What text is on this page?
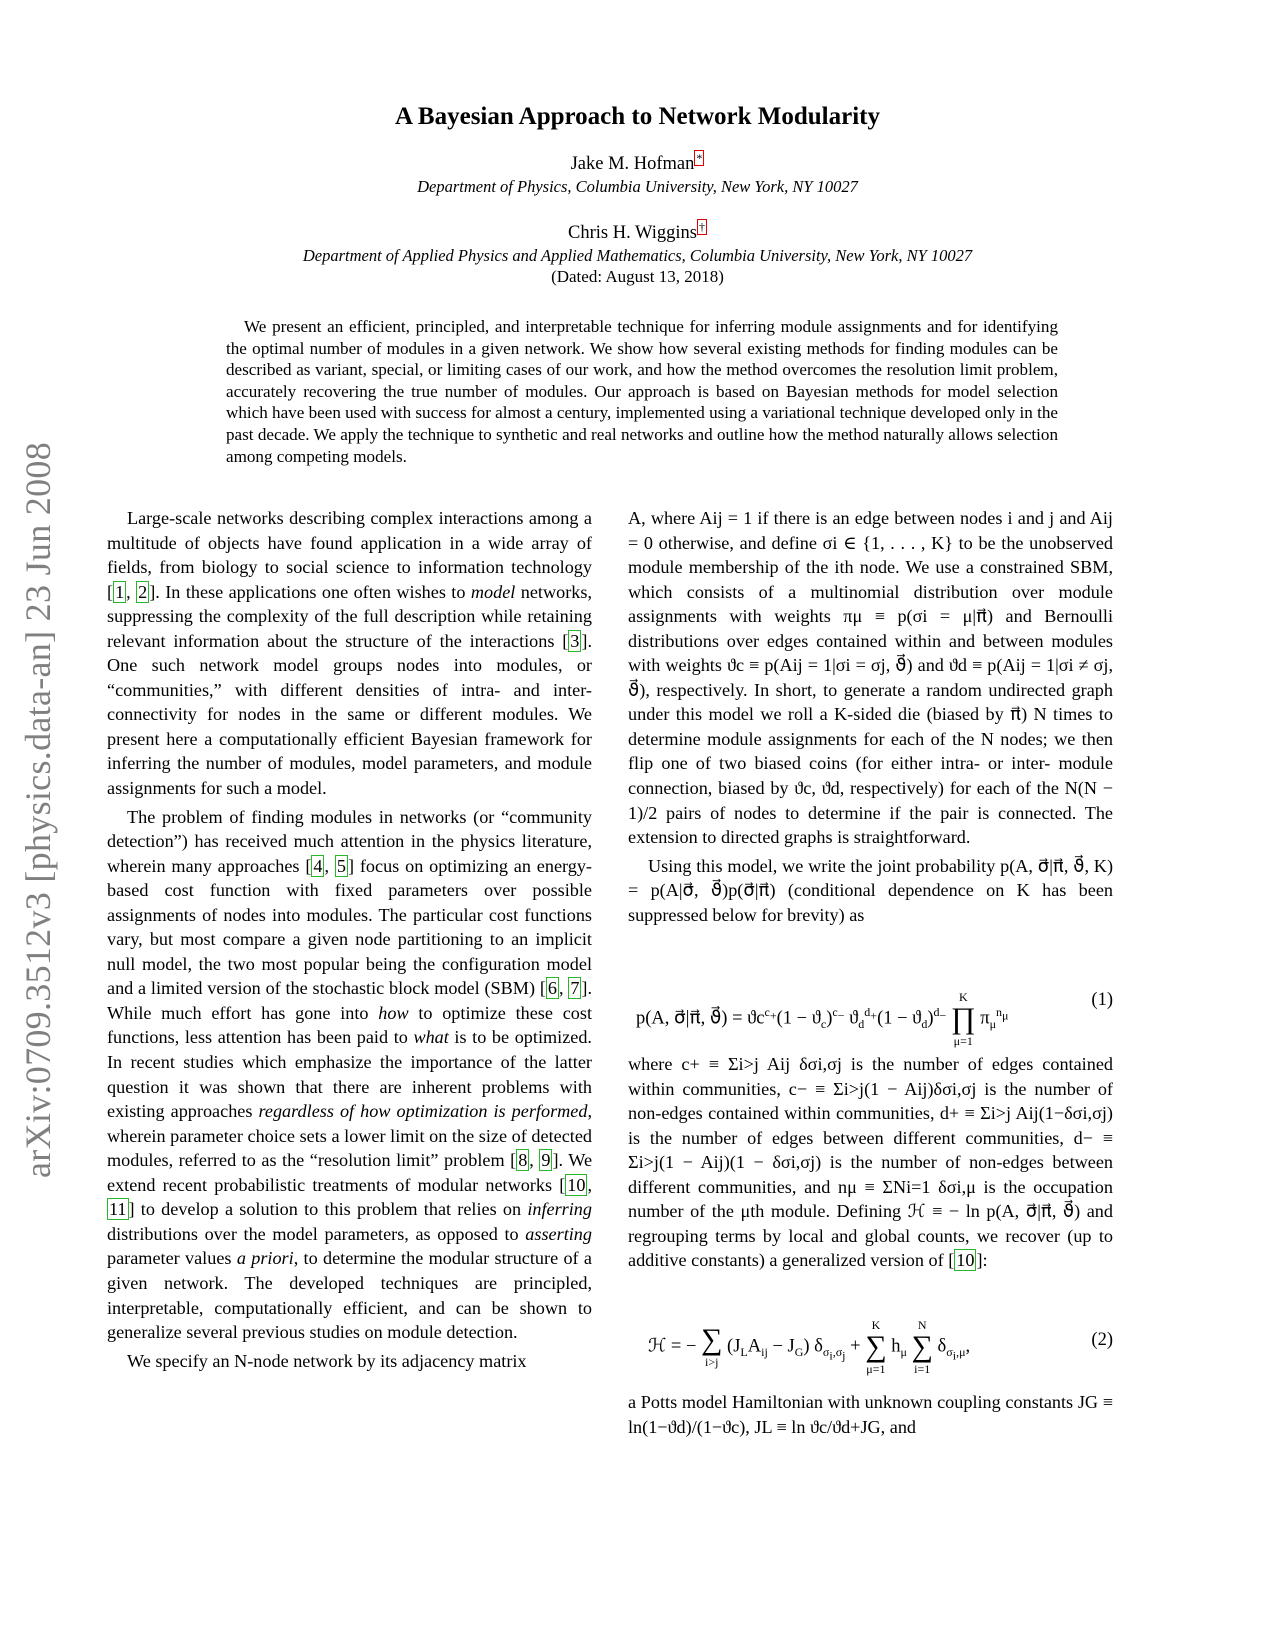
arXiv:0709.3512v3 [physics.data-an] 23 Jun 2008
A Bayesian Approach to Network Modularity
Jake M. Hofman *
Department of Physics, Columbia University, New York, NY 10027
Chris H. Wiggins †
Department of Applied Physics and Applied Mathematics, Columbia University, New York, NY 10027
(Dated: August 13, 2018)
We present an efficient, principled, and interpretable technique for inferring module assignments and for identifying the optimal number of modules in a given network. We show how several existing methods for finding modules can be described as variant, special, or limiting cases of our work, and how the method overcomes the resolution limit problem, accurately recovering the true number of modules. Our approach is based on Bayesian methods for model selection which have been used with success for almost a century, implemented using a variational technique developed only in the past decade. We apply the technique to synthetic and real networks and outline how the method naturally allows selection among competing models.

Large-scale networks describing complex interactions among a multitude of objects have found application in a wide array of fields, from biology to social science to information technology [ 1 , 2 ]. In these applications one often wishes to model networks, suppressing the complexity of the full description while retaining relevant information about the structure of the interactions [ 3 ]. One such network model groups nodes into modules, or “communities,” with different densities of intra- and inter- connectivity for nodes in the same or different modules. We present here a computationally efficient Bayesian framework for inferring the number of modules, model parameters, and module assignments for such a model.

The problem of finding modules in networks (or “community detection”) has received much attention in the physics literature, wherein many approaches [ 4 , 5 ] focus on optimizing an energy-based cost function with fixed parameters over possible assignments of nodes into modules. The particular cost functions vary, but most compare a given node partitioning to an implicit null model, the two most popular being the configuration model and a limited version of the stochastic block model (SBM) [ 6 , 7 ]. While much effort has gone into how to optimize these cost functions, less attention has been paid to what is to be optimized. In recent studies which emphasize the importance of the latter question it was shown that there are inherent problems with existing approaches regardless of how optimization is performed, wherein parameter choice sets a lower limit on the size of detected modules, referred to as the “resolution limit” problem [ 8 , 9 ]. We extend recent probabilistic treatments of modular networks [ 10 , 11 ] to develop a solution to this problem that relies on inferring distributions over the model parameters, as opposed to asserting parameter values a priori, to determine the modular structure of a given network. The developed techniques are principled, interpretable, computationally efficient, and can be shown to generalize several previous studies on module detection.

We specify an N-node network by its adjacency matrix

A, where Aij = 1 if there is an edge between nodes i and j and Aij = 0 otherwise, and define σi ∈ {1, . . . , K} to be the unobserved module membership of the ith node. We use a constrained SBM, which consists of a multinomial distribution over module assignments with weights πμ ≡ p(σi = μ|π⃗) and Bernoulli distributions over edges contained within and between modules with weights ϑc ≡ p(Aij = 1|σi = σj, ϑ⃗) and ϑd ≡ p(Aij = 1|σi ≠ σj, ϑ⃗), respectively. In short, to generate a random undirected graph under this model we roll a K-sided die (biased by π⃗) N times to determine module assignments for each of the N nodes; we then flip one of two biased coins (for either intra- or inter- module connection, biased by ϑc, ϑd, respectively) for each of the N(N − 1)/2 pairs of nodes to determine if the pair is connected. The extension to directed graphs is straightforward.

Using this model, we write the joint probability p(A, σ⃗|π⃗, ϑ⃗, K) = p(A|σ⃗, ϑ⃗)p(σ⃗|π⃗) (conditional dependence on K has been suppressed below for brevity) as

p(A, σ⃗|π⃗, ϑ⃗) = $ϑc^{c_+}(1 - ϑ_c)^{c_-}$ $ϑ_d^{d_+}(1 - ϑ_d)^{d_-}$
K
∏
μ=1
$\pi_\mu^{n_\mu}$
(1)

where c+ ≡ Σi>j Aij δσi,σj is the number of edges contained within communities, c− ≡ Σi>j(1 − Aij)δσi,σj is the number of non-edges contained within communities, d+ ≡ Σi>j Aij(1−δσi,σj) is the number of edges between different communities, d− ≡ Σi>j(1 − Aij)(1 − δσi,σj) is the number of non-edges between different communities, and nμ ≡ ΣNi=1 δσi,μ is the occupation number of the μth module. Defining ℋ ≡ − ln p(A, σ⃗|π⃗, ϑ⃗) and regrouping terms by local and global counts, we recover (up to additive constants) a generalized version of [ 10 ]:

ℋ = − ∑
i>j
$(J_LA_{ij} - J_G) \delta_{\sigma_i,\sigma_j}$ +
K
∑
μ=1
$h_\mu$
N
∑
i=1
$\delta_{\sigma_i,\mu}$,	(2)

a Potts model Hamiltonian with unknown coupling constants JG ≡ ln(1−ϑd)/(1−ϑc), JL ≡ ln ϑc/ϑd+JG, and
